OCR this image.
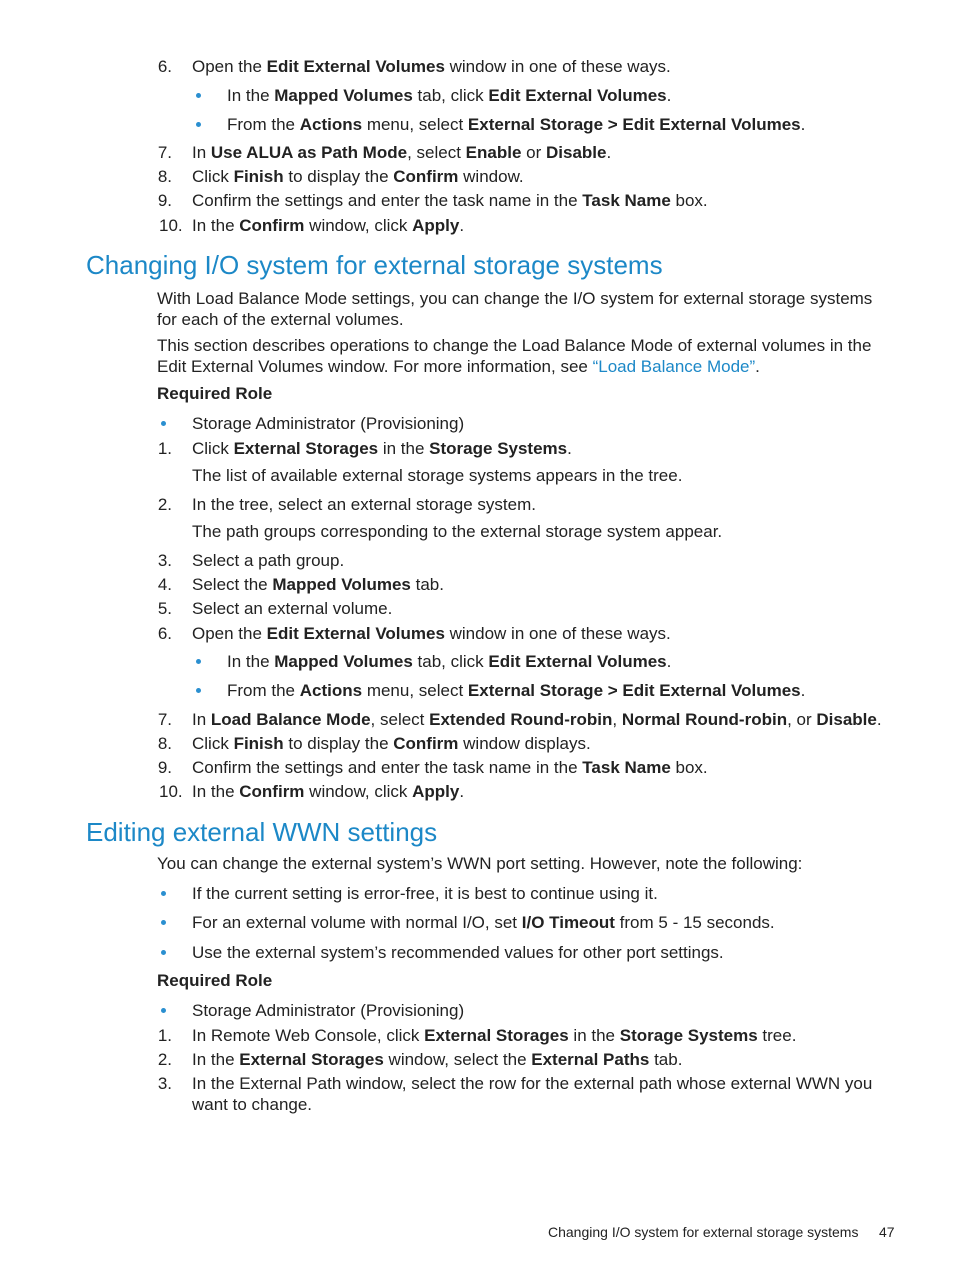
6. Open the Edit External Volumes window in one of these ways.
In the Mapped Volumes tab, click Edit External Volumes.
From the Actions menu, select External Storage > Edit External Volumes.
7. In Use ALUA as Path Mode, select Enable or Disable.
8. Click Finish to display the Confirm window.
9. Confirm the settings and enter the task name in the Task Name box.
10. In the Confirm window, click Apply.
Changing I/O system for external storage systems
With Load Balance Mode settings, you can change the I/O system for external storage systems for each of the external volumes.
This section describes operations to change the Load Balance Mode of external volumes in the Edit External Volumes window. For more information, see “Load Balance Mode”.
Required Role
Storage Administrator (Provisioning)
1. Click External Storages in the Storage Systems.
The list of available external storage systems appears in the tree.
2. In the tree, select an external storage system.
The path groups corresponding to the external storage system appear.
3. Select a path group.
4. Select the Mapped Volumes tab.
5. Select an external volume.
6. Open the Edit External Volumes window in one of these ways.
In the Mapped Volumes tab, click Edit External Volumes.
From the Actions menu, select External Storage > Edit External Volumes.
7. In Load Balance Mode, select Extended Round-robin, Normal Round-robin, or Disable.
8. Click Finish to display the Confirm window displays.
9. Confirm the settings and enter the task name in the Task Name box.
10. In the Confirm window, click Apply.
Editing external WWN settings
You can change the external system’s WWN port setting. However, note the following:
If the current setting is error-free, it is best to continue using it.
For an external volume with normal I/O, set I/O Timeout from 5 - 15 seconds.
Use the external system’s recommended values for other port settings.
Required Role
Storage Administrator (Provisioning)
1. In Remote Web Console, click External Storages in the Storage Systems tree.
2. In the External Storages window, select the External Paths tab.
3. In the External Path window, select the row for the external path whose external WWN you want to change.
Changing I/O system for external storage systems 47
